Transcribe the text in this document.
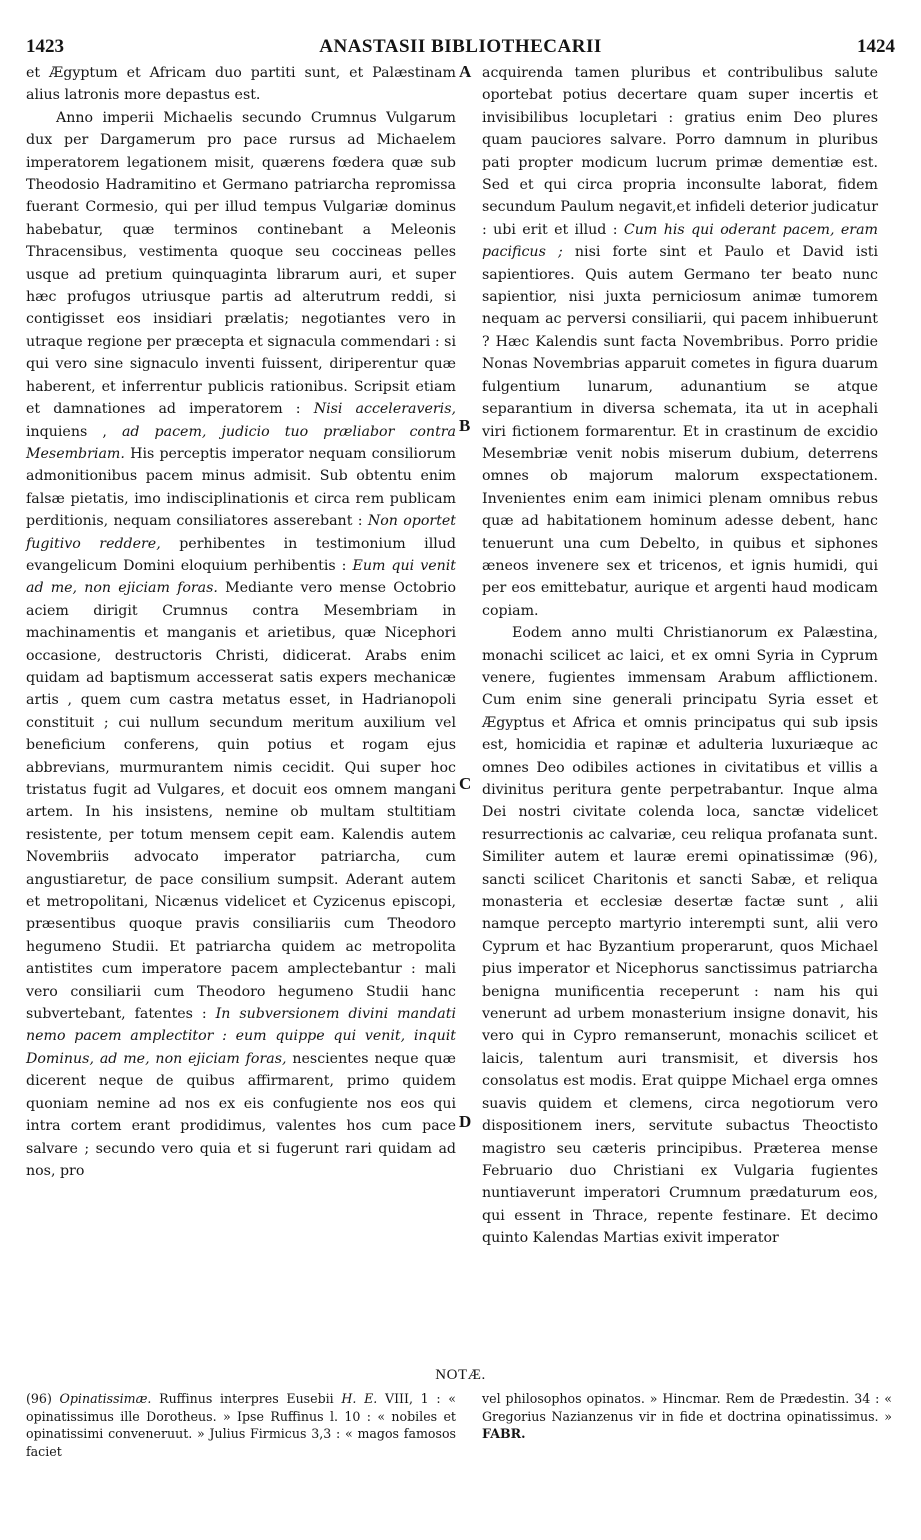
1423	ANASTASII BIBLIOTHECARII	1424
A
B
C
D

et Ægyptum et Africam duo partiti sunt, et Palæstinam alius latronis more depastus est.

Anno imperii Michaelis secundo Crumnus Vulgarum dux per Dargamerum pro pace rursus ad Michaelem imperatorem legationem misit, quærens fœdera quæ sub Theodosio Hadramitino et Germano patriarcha repromissa fuerant Cormesio, qui per illud tempus Vulgariæ dominus habebatur, quæ terminos continebant a Meleonis Thracensibus, vestimenta quoque seu coccineas pelles usque ad pretium quinquaginta librarum auri, et super hæc profugos utriusque partis ad alterutrum reddi, si contigisset eos insidiari prælatis; negotiantes vero in utraque regione per præcepta et signacula commendari : si qui vero sine signaculo inventi fuissent, diriperentur quæ haberent, et inferrentur publicis rationibus. Scripsit etiam et damnationes ad imperatorem : Nisi acceleraveris, inquiens , ad pacem, judicio tuo præliabor contra Mesembriam. His perceptis imperator nequam consiliorum admonitionibus pacem minus admisit. Sub obtentu enim falsæ pietatis, imo indisciplinationis et circa rem publicam perditionis, nequam consiliatores asserebant : Non oportet fugitivo reddere, perhibentes in testimonium illud evangelicum Domini eloquium perhibentis : Eum qui venit ad me, non ejiciam foras. Mediante vero mense Octobrio aciem dirigit Crumnus contra Mesembriam in machinamentis et manganis et arietibus, quæ Nicephori occasione, destructoris Christi, didicerat. Arabs enim quidam ad baptismum accesserat satis expers mechanicæ artis , quem cum castra metatus esset, in Hadrianopoli constituit ; cui nullum secundum meritum auxilium vel beneficium conferens, quin potius et rogam ejus abbrevians, murmurantem nimis cecidit. Qui super hoc tristatus fugit ad Vulgares, et docuit eos omnem mangani artem. In his insistens, nemine ob multam stultitiam resistente, per totum mensem cepit eam. Kalendis autem Novembriis advocato imperator patriarcha, cum angustiaretur, de pace consilium sumpsit. Aderant autem et metropolitani, Nicænus videlicet et Cyzicenus episcopi, præsentibus quoque pravis consiliariis cum Theodoro hegumeno Studii. Et patriarcha quidem ac metropolita antistites cum imperatore pacem amplectebantur : mali vero consiliarii cum Theodoro hegumeno Studii hanc subvertebant, fatentes : In subversionem divini mandati nemo pacem amplectitor : eum quippe qui venit, inquit Dominus, ad me, non ejiciam foras, nescientes neque quæ dicerent neque de quibus affirmarent, primo quidem quoniam nemine ad nos ex eis confugiente nos eos qui intra cortem erant prodidimus, valentes hos cum pace salvare ; secundo vero quia et si fugerunt rari quidam ad nos, pro

acquirenda tamen pluribus et contribulibus salute oportebat potius decertare quam super incertis et invisibilibus locupletari : gratius enim Deo plures quam pauciores salvare. Porro damnum in pluribus pati propter modicum lucrum primæ dementiæ est. Sed et qui circa propria inconsulte laborat, fidem secundum Paulum negavit,et infideli deterior judicatur : ubi erit et illud : Cum his qui oderant pacem, eram pacificus ; nisi forte sint et Paulo et David isti sapientiores. Quis autem Germano ter beato nunc sapientior, nisi juxta perniciosum animæ tumorem nequam ac perversi consiliarii, qui pacem inhibuerunt ? Hæc Kalendis sunt facta Novembribus. Porro pridie Nonas Novembrias apparuit cometes in figura duarum fulgentium lunarum, adunantium se atque separantium in diversa schemata, ita ut in acephali viri fictionem formarentur. Et in crastinum de excidio Mesembriæ venit nobis miserum dubium, deterrens omnes ob majorum malorum exspectationem. Invenientes enim eam inimici plenam omnibus rebus quæ ad habitationem hominum adesse debent, hanc tenuerunt una cum Debelto, in quibus et siphones æneos invenere sex et tricenos, et ignis humidi, qui per eos emittebatur, aurique et argenti haud modicam copiam.

Eodem anno multi Christianorum ex Palæstina, monachi scilicet ac laici, et ex omni Syria in Cyprum venere, fugientes immensam Arabum afflictionem. Cum enim sine generali principatu Syria esset et Ægyptus et Africa et omnis principatus qui sub ipsis est, homicidia et rapinæ et adulteria luxuriæque ac omnes Deo odibiles actiones in civitatibus et villis a divinitus peritura gente perpetrabantur. Inque alma Dei nostri civitate colenda loca, sanctæ videlicet resurrectionis ac calvariæ, ceu reliqua profanata sunt. Similiter autem et lauræ eremi opinatissimæ (96), sancti scilicet Charitonis et sancti Sabæ, et reliqua monasteria et ecclesiæ desertæ factæ sunt , alii namque percepto martyrio interempti sunt, alii vero Cyprum et hac Byzantium properarunt, quos Michael pius imperator et Nicephorus sanctissimus patriarcha benigna munificentia receperunt : nam his qui venerunt ad urbem monasterium insigne donavit, his vero qui in Cypro remanserunt, monachis scilicet et laicis, talentum auri transmisit, et diversis hos consolatus est modis. Erat quippe Michael erga omnes suavis quidem et clemens, circa negotiorum vero dispositionem iners, servitute subactus Theoctisto magistro seu cæteris principibus. Præterea mense Februario duo Christiani ex Vulgaria fugientes nuntiaverunt imperatori Crumnum prædaturum eos, qui essent in Thrace, repente festinare. Et decimo quinto Kalendas Martias exivit imperator

NOTÆ.

(96) Opinatissimæ. Ruffinus interpres Eusebii H. E. VIII, 1 : « opinatissimus ille Dorotheus. » Ipse Ruffinus l. 10 : « nobiles et opinatissimi conveneruut. » Julius Firmicus 3,3 : « magos famosos faciet

vel philosophos opinatos. » Hincmar. Rem de Prædestin. 34 : « Gregorius Nazianzenus vir in fide et doctrina opinatissimus. » FABR.
